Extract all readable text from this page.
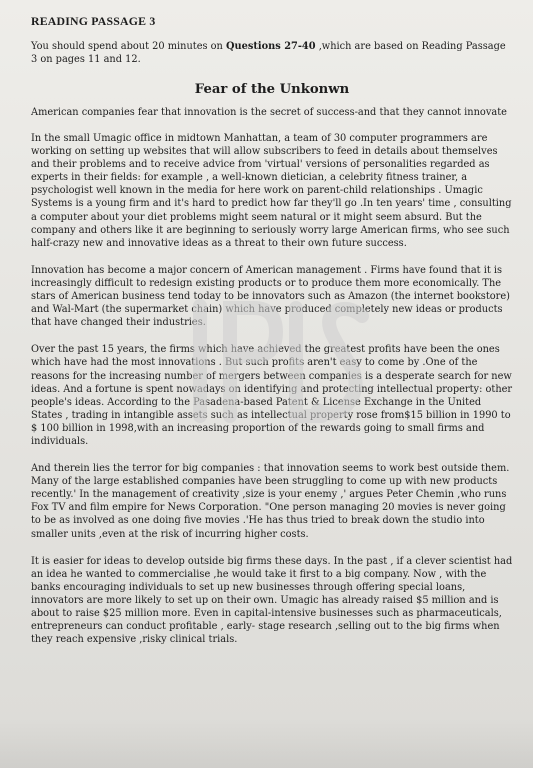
READING PASSAGE 3
You should spend about 20 minutes on Questions 27-40 ,which are based on Reading Passage 3 on pages 11 and 12.
Fear of the Unkonwn
American companies fear that innovation is the secret of success-and that they cannot innovate

In the small Umagic office in midtown Manhattan, a team of 30 computer programmers are working on setting up websites that will allow subscribers to feed in details about themselves and their problems and to receive advice from 'virtual' versions of personalities regarded as experts in their fields: for example , a well-known dietician, a celebrity fitness trainer, a psychologist well known in the media for here work on parent-child relationships . Umagic Systems is a young firm and it's hard to predict how far they'll go .In ten years' time , consulting a computer about your diet problems might seem natural or it might seem absurd. But the company and others like it are beginning to seriously worry large American firms, who see such half-crazy new and innovative ideas as a threat to their own future success.

Innovation has become a major concern of American management . Firms have found that it is increasingly difficult to redesign existing products or to produce them more economically. The stars of American business tend today to be innovators such as Amazon (the internet bookstore) and Wal-Mart (the supermarket chain) which have produced completely new ideas or products that have changed their industries.

Over the past 15 years, the firms which have achieved the greatest profits have been the ones which have had the most innovations . But such profits aren't easy to come by .One of the reasons for the increasing number of mergers between companies is a desperate search for new ideas. And a fortune is spent nowadays on identifying and protecting intellectual property: other people's ideas. According to the Pasadena-based Patent & License Exchange in the United States , trading in intangible assets such as intellectual property rose from$15 billion in 1990 to $ 100 billion in 1998,with an increasing proportion of the rewards going to small firms and individuals.

And therein lies the terror for big companies : that innovation seems to work best outside them. Many of the large established companies have been struggling to come up with new products recently.' In the management of creativity ,size is your enemy ,' argues Peter Chemin ,who runs Fox TV and film empire for News Corporation. "One person managing 20 movies is never going to be as involved as one doing five movies .'He has thus tried to break down the studio into smaller units ,even at the risk of incurring higher costs.

It is easier for ideas to develop outside big firms these days. In the past , if a clever scientist had an idea he wanted to commercialise ,he would take it first to a big company. Now , with the banks encouraging individuals to set up new businesses through offering special loans, innovators are more likely to set up on their own. Umagic has already raised $5 million and is about to raise $25 million more. Even in capital-intensive businesses such as pharmaceuticals, entrepreneurs can conduct profitable , early- stage research ,selling out to the big firms when they reach expensive ,risky clinical trials.
